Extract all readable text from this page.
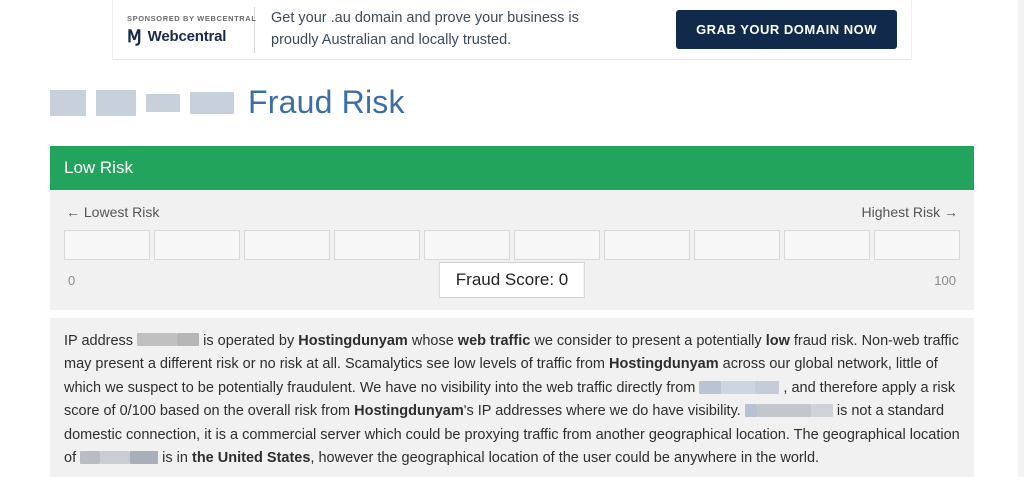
SPONSORED BY WEBCENTRAL
Ɱ Webcentral
Get your .au domain and prove your business is
proudly Australian and locally trusted.
GRAB YOUR DOMAIN NOW
Fraud Risk
Low Risk
← Lowest Risk	Highest Risk →
0	Fraud Score: 0	100
IP address	is operated by Hostingdunyam whose web traffic we consider to present a potentially low fraud risk. Non-web traffic may present a different risk or no risk at all. Scamalytics see low levels of traffic from Hostingdunyam across our global network, little of which we suspect to be potentially fraudulent. We have no visibility into the web traffic directly from	, and therefore apply a risk score of 0/100 based on the overall risk from Hostingdunyam's IP addresses where we do have visibility.	is not a standard domestic connection, it is a commercial server which could be proxying traffic from another geographical location. The geographical location of	is in the United States, however the geographical location of the user could be anywhere in the world.
